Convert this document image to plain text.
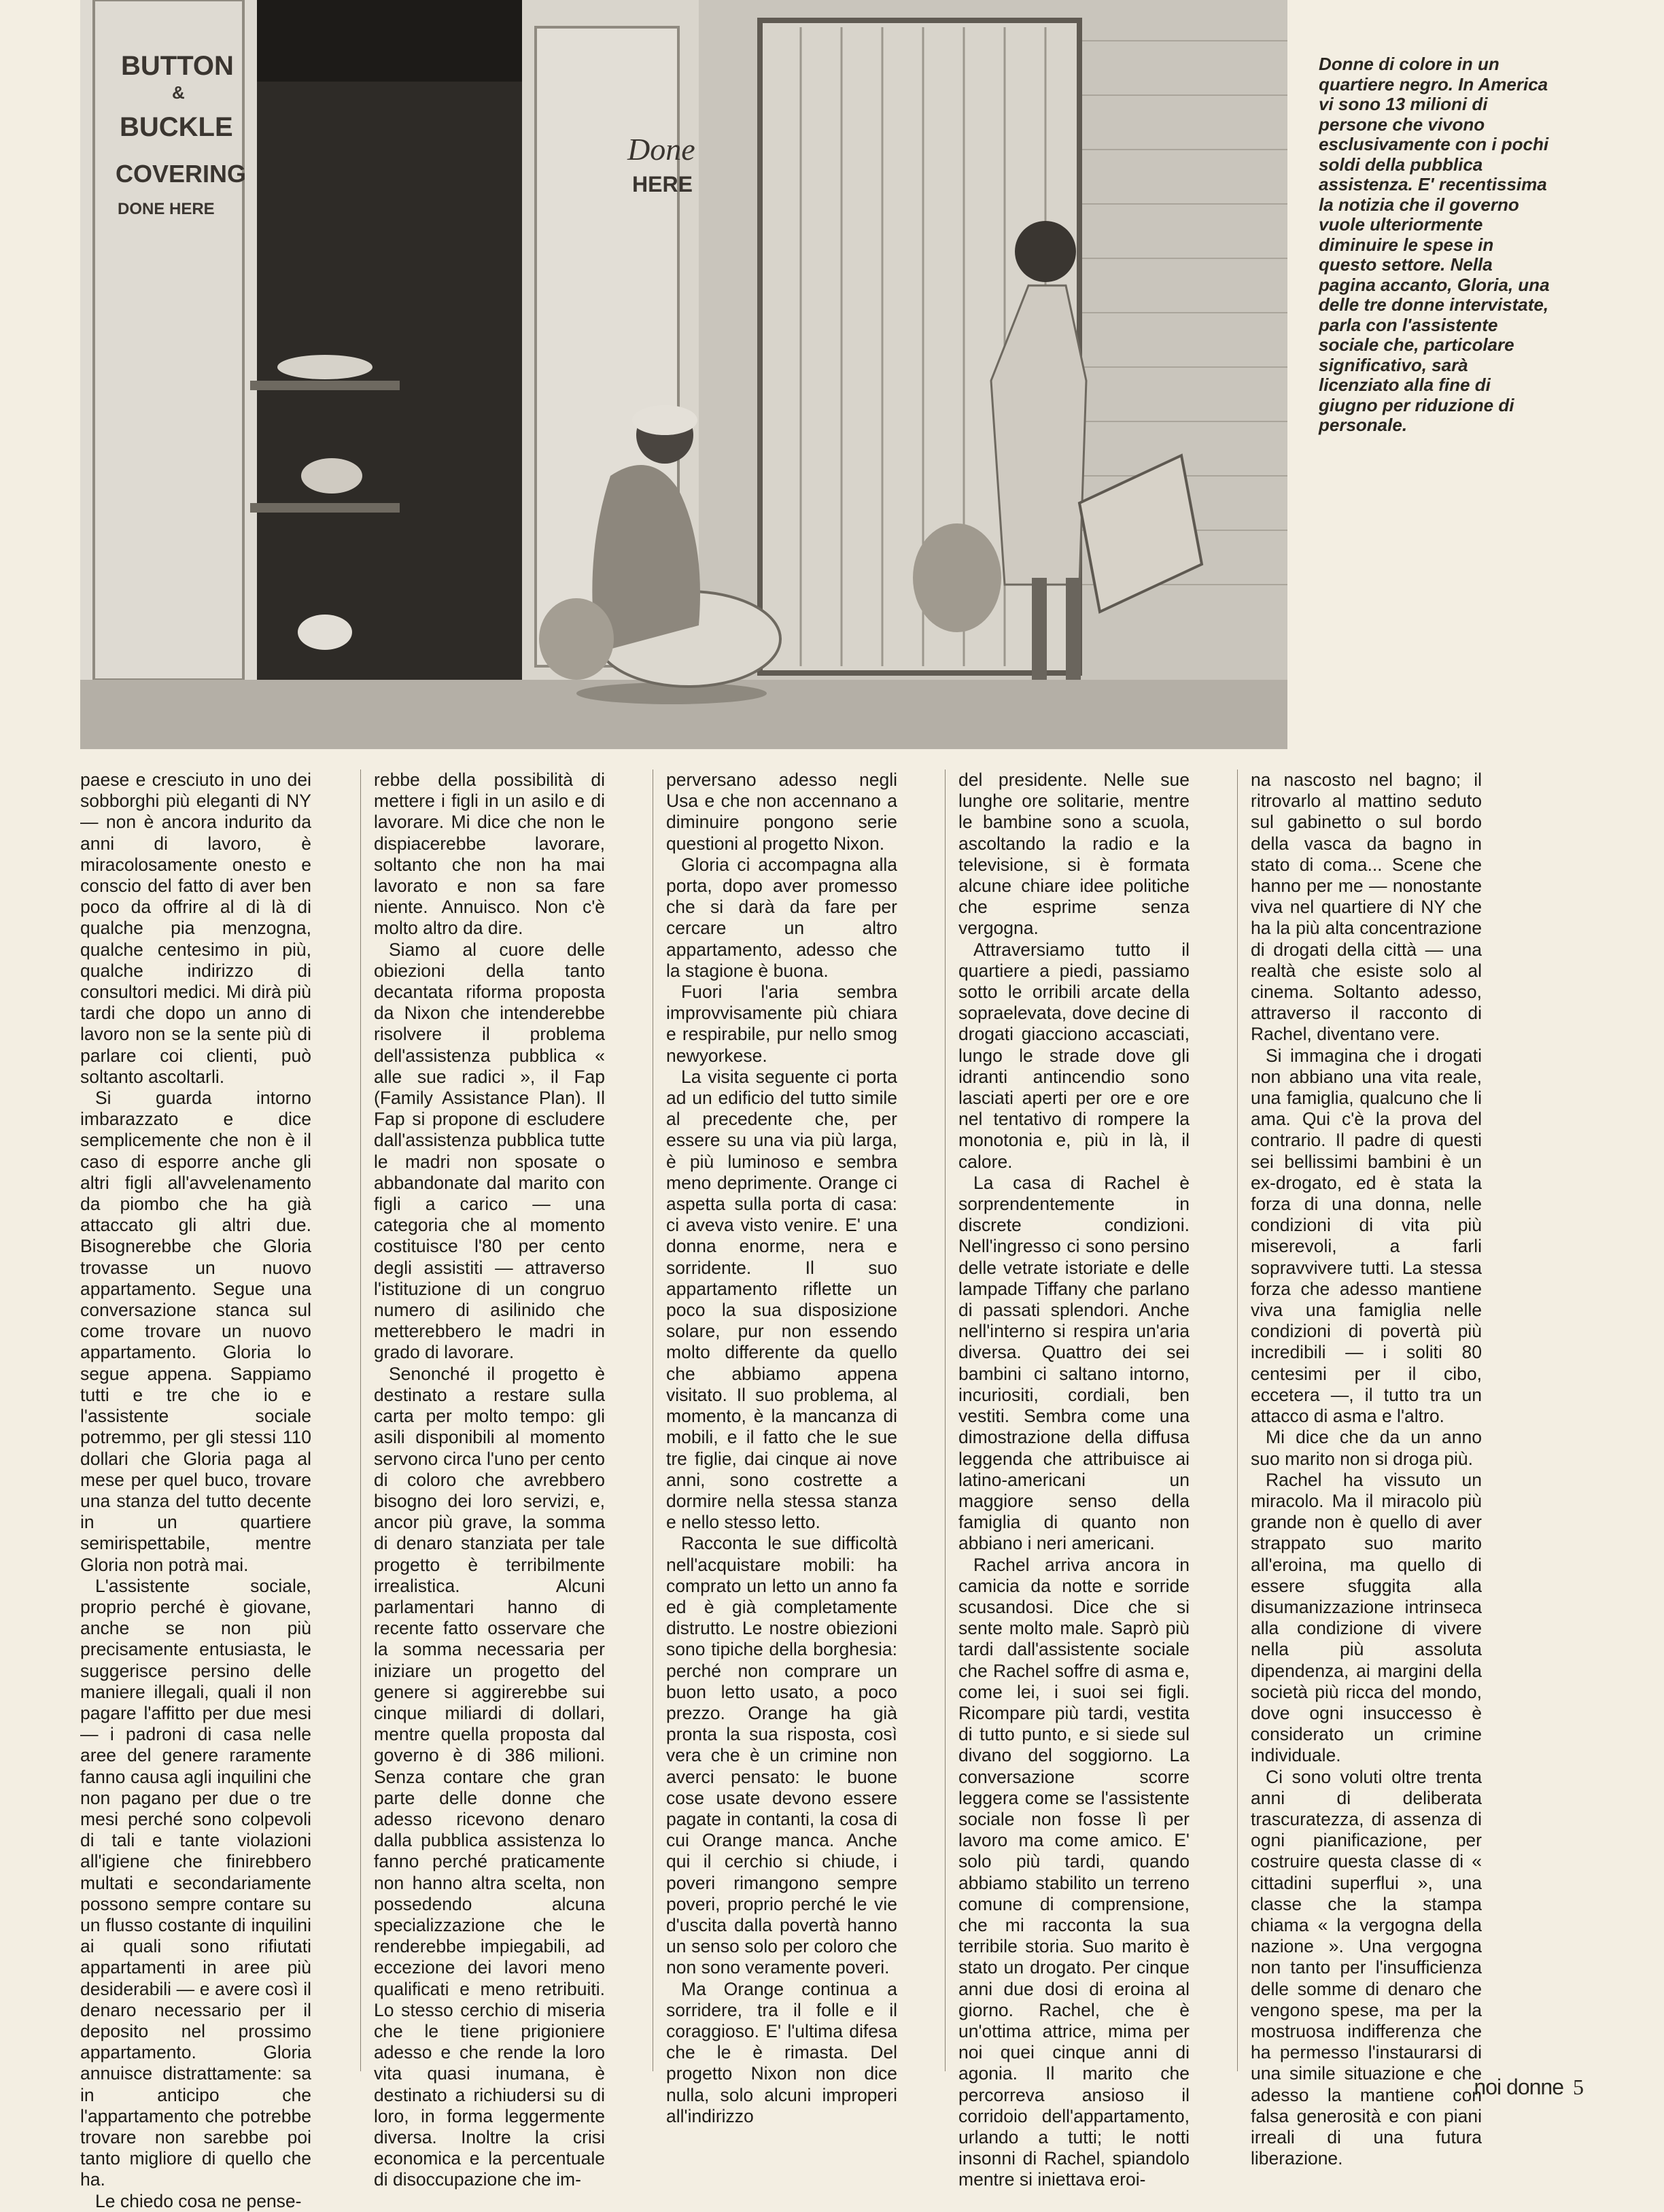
BUTTON
&
BUCKLE
COVERING
DONE HERE
Done
HERE

Donne di colore in un quartiere negro. In America vi sono 13 milioni di persone che vivono esclusivamente con i pochi soldi della pubblica assistenza. E' recentissima la notizia che il governo vuole ulteriormente diminuire le spese in questo settore. Nella pagina accanto, Gloria, una delle tre donne intervistate, parla con l'assistente sociale che, particolare significativo, sarà licenziato alla fine di giugno per riduzione di personale.

paese e cresciuto in uno dei sobborghi più eleganti di NY — non è ancora indurito da anni di lavoro, è miracolosamente onesto e conscio del fatto di aver ben poco da offrire al di là di qualche pia menzogna, qualche centesimo in più, qualche indirizzo di consultori medici. Mi dirà più tardi che dopo un anno di lavoro non se la sente più di parlare coi clienti, può soltanto ascoltarli.

Si guarda intorno imbarazzato e dice semplicemente che non è il caso di esporre anche gli altri figli all'avvelenamento da piombo che ha già attaccato gli altri due. Bisognerebbe che Gloria trovasse un nuovo appartamento. Segue una conversazione stanca sul come trovare un nuovo appartamento. Gloria lo segue appena. Sappiamo tutti e tre che io e l'assistente sociale potremmo, per gli stessi 110 dollari che Gloria paga al mese per quel buco, trovare una stanza del tutto decente in un quartiere semirispettabile, mentre Gloria non potrà mai.

L'assistente sociale, proprio perché è giovane, anche se non più precisamente entusiasta, le suggerisce persino delle maniere illegali, quali il non pagare l'affitto per due mesi — i padroni di casa nelle aree del genere raramente fanno causa agli inquilini che non pagano per due o tre mesi perché sono colpevoli di tali e tante violazioni all'igiene che finirebbero multati e secondariamente possono sempre contare su un flusso costante di inquilini ai quali sono rifiutati appartamenti in aree più desiderabili — e avere così il denaro necessario per il deposito nel prossimo appartamento. Gloria annuisce distrattamente: sa in anticipo che l'appartamento che potrebbe trovare non sarebbe poi tanto migliore di quello che ha.

Le chiedo cosa ne pense-

rebbe della possibilità di mettere i figli in un asilo e di lavorare. Mi dice che non le dispiacerebbe lavorare, soltanto che non ha mai lavorato e non sa fare niente. Annuisco. Non c'è molto altro da dire.

Siamo al cuore delle obiezioni della tanto decantata riforma proposta da Nixon che intenderebbe risolvere il problema dell'assistenza pubblica « alle sue radici », il Fap (Family Assistance Plan). Il Fap si propone di escludere dall'assistenza pubblica tutte le madri non sposate o abbandonate dal marito con figli a carico — una categoria che al momento costituisce l'80 per cento degli assistiti — attraverso l'istituzione di un congruo numero di asilinido che metterebbero le madri in grado di lavorare.

Senonché il progetto è destinato a restare sulla carta per molto tempo: gli asili disponibili al momento servono circa l'uno per cento di coloro che avrebbero bisogno dei loro servizi, e, ancor più grave, la somma di denaro stanziata per tale progetto è terribilmente irrealistica. Alcuni parlamentari hanno di recente fatto osservare che la somma necessaria per iniziare un progetto del genere si aggirerebbe sui cinque miliardi di dollari, mentre quella proposta dal governo è di 386 milioni. Senza contare che gran parte delle donne che adesso ricevono denaro dalla pubblica assistenza lo fanno perché praticamente non hanno altra scelta, non possedendo alcuna specializzazione che le renderebbe impiegabili, ad eccezione dei lavori meno qualificati e meno retribuiti. Lo stesso cerchio di miseria che le tiene prigioniere adesso e che rende la loro vita quasi inumana, è destinato a richiudersi su di loro, in forma leggermente diversa. Inoltre la crisi economica e la percentuale di disoccupazione che im-

perversano adesso negli Usa e che non accennano a diminuire pongono serie questioni al progetto Nixon.

Gloria ci accompagna alla porta, dopo aver promesso che si darà da fare per cercare un altro appartamento, adesso che la stagione è buona.

Fuori l'aria sembra improvvisamente più chiara e respirabile, pur nello smog newyorkese.

La visita seguente ci porta ad un edificio del tutto simile al precedente che, per essere su una via più larga, è più luminoso e sembra meno deprimente. Orange ci aspetta sulla porta di casa: ci aveva visto venire. E' una donna enorme, nera e sorridente. Il suo appartamento riflette un poco la sua disposizione solare, pur non essendo molto differente da quello che abbiamo appena visitato. Il suo problema, al momento, è la mancanza di mobili, e il fatto che le sue tre figlie, dai cinque ai nove anni, sono costrette a dormire nella stessa stanza e nello stesso letto.

Racconta le sue difficoltà nell'acquistare mobili: ha comprato un letto un anno fa ed è già completamente distrutto. Le nostre obiezioni sono tipiche della borghesia: perché non comprare un buon letto usato, a poco prezzo. Orange ha già pronta la sua risposta, così vera che è un crimine non averci pensato: le buone cose usate devono essere pagate in contanti, la cosa di cui Orange manca. Anche qui il cerchio si chiude, i poveri rimangono sempre poveri, proprio perché le vie d'uscita dalla povertà hanno un senso solo per coloro che non sono veramente poveri.

Ma Orange continua a sorridere, tra il folle e il coraggioso. E' l'ultima difesa che le è rimasta. Del progetto Nixon non dice nulla, solo alcuni improperi all'indirizzo

del presidente. Nelle sue lunghe ore solitarie, mentre le bambine sono a scuola, ascoltando la radio e la televisione, si è formata alcune chiare idee politiche che esprime senza vergogna.

Attraversiamo tutto il quartiere a piedi, passiamo sotto le orribili arcate della sopraelevata, dove decine di drogati giacciono accasciati, lungo le strade dove gli idranti antincendio sono lasciati aperti per ore e ore nel tentativo di rompere la monotonia e, più in là, il calore.

La casa di Rachel è sorprendentemente in discrete condizioni. Nell'ingresso ci sono persino delle vetrate istoriate e delle lampade Tiffany che parlano di passati splendori. Anche nell'interno si respira un'aria diversa. Quattro dei sei bambini ci saltano intorno, incuriositi, cordiali, ben vestiti. Sembra come una dimostrazione della diffusa leggenda che attribuisce ai latino-americani un maggiore senso della famiglia di quanto non abbiano i neri americani.

Rachel arriva ancora in camicia da notte e sorride scusandosi. Dice che si sente molto male. Saprò più tardi dall'assistente sociale che Rachel soffre di asma e, come lei, i suoi sei figli. Ricompare più tardi, vestita di tutto punto, e si siede sul divano del soggiorno. La conversazione scorre leggera come se l'assistente sociale non fosse lì per lavoro ma come amico. E' solo più tardi, quando abbiamo stabilito un terreno comune di comprensione, che mi racconta la sua terribile storia. Suo marito è stato un drogato. Per cinque anni due dosi di eroina al giorno. Rachel, che è un'ottima attrice, mima per noi quei cinque anni di agonia. Il marito che percorreva ansioso il corridoio dell'appartamento, urlando a tutti; le notti insonni di Rachel, spiandolo mentre si iniettava eroi-

na nascosto nel bagno; il ritrovarlo al mattino seduto sul gabinetto o sul bordo della vasca da bagno in stato di coma... Scene che hanno per me — nonostante viva nel quartiere di NY che ha la più alta concentrazione di drogati della città — una realtà che esiste solo al cinema. Soltanto adesso, attraverso il racconto di Rachel, diventano vere.

Si immagina che i drogati non abbiano una vita reale, una famiglia, qualcuno che li ama. Qui c'è la prova del contrario. Il padre di questi sei bellissimi bambini è un ex-drogato, ed è stata la forza di una donna, nelle condizioni di vita più miserevoli, a farli sopravvivere tutti. La stessa forza che adesso mantiene viva una famiglia nelle condizioni di povertà più incredibili — i soliti 80 centesimi per il cibo, eccetera —, il tutto tra un attacco di asma e l'altro.

Mi dice che da un anno suo marito non si droga più.

Rachel ha vissuto un miracolo. Ma il miracolo più grande non è quello di aver strappato suo marito all'eroina, ma quello di essere sfuggita alla disumanizzazione intrinseca alla condizione di vivere nella più assoluta dipendenza, ai margini della società più ricca del mondo, dove ogni insuccesso è considerato un crimine individuale.

Ci sono voluti oltre trenta anni di deliberata trascuratezza, di assenza di ogni pianificazione, per costruire questa classe di « cittadini superflui », una classe che la stampa chiama « la vergogna della nazione ». Una vergogna non tanto per l'insufficienza delle somme di denaro che vengono spese, ma per la mostruosa indifferenza che ha permesso l'instaurarsi di una simile situazione e che adesso la mantiene con falsa generosità e con piani irreali di una futura liberazione.

noi donne 5
